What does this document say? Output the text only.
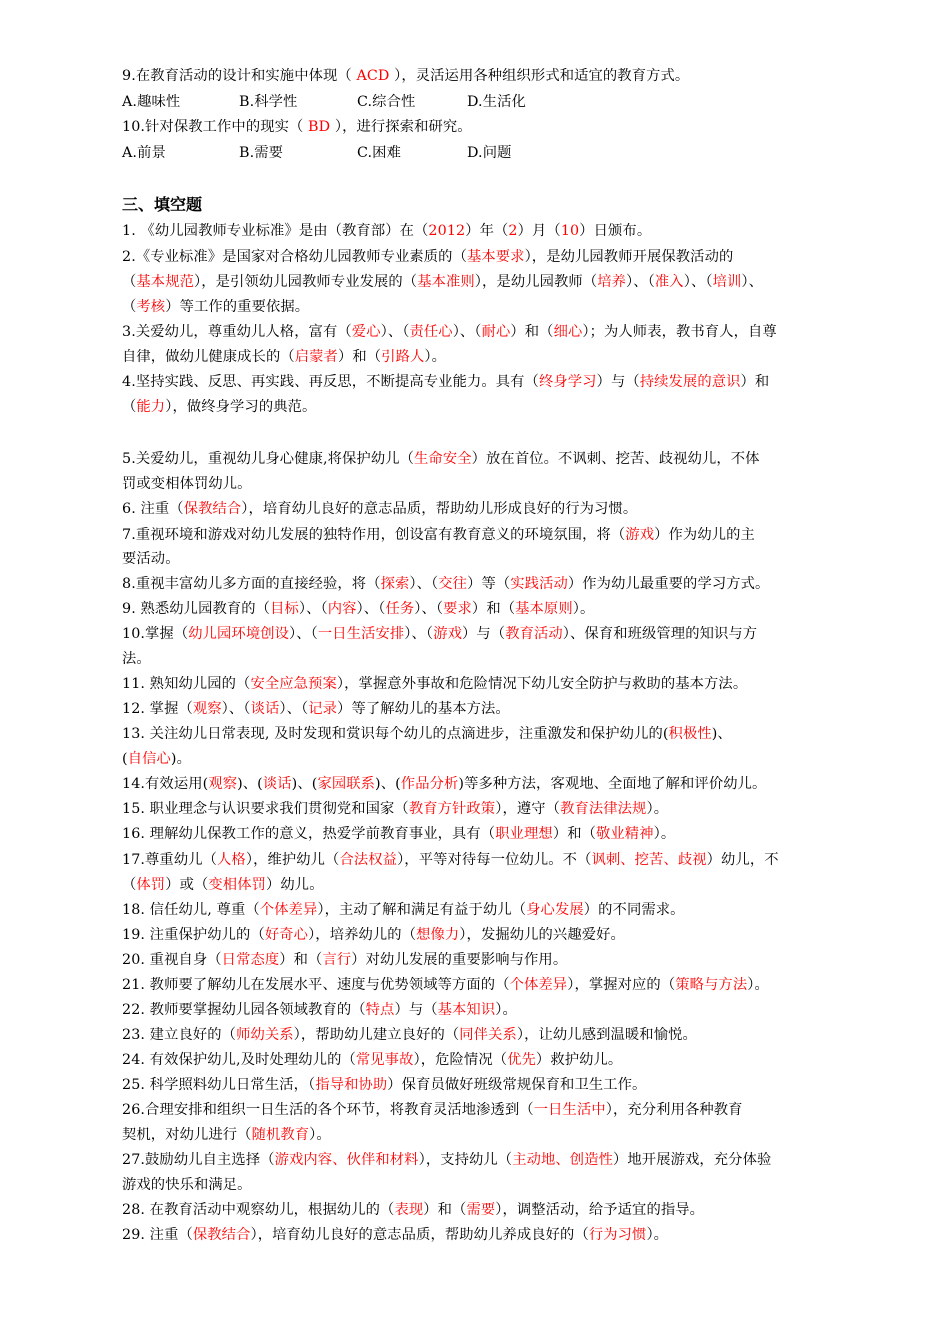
9.在教育活动的设计和实施中体现（ ACD ），灵活运用各种组织形式和适宜的教育方式。
A.趣味性	B.科学性	C.综合性	D.生活化
10.针对保教工作中的现实（ BD ），进行探索和研究。
A.前景	B.需要	C.困难	D.问题
三、填空题
1. 《幼儿园教师专业标准》是由（教育部）在（2012）年（2）月（10）日颁布。
2.《专业标准》是国家对合格幼儿园教师专业素质的（基本要求），是幼儿园教师开展保教活动的
（基本规范），是引领幼儿园教师专业发展的（基本准则），是幼儿园教师（培养）、（准入）、（培训）、
（考核）等工作的重要依据。
3.关爱幼儿，尊重幼儿人格，富有（爱心）、（责任心）、（耐心）和（细心）；为人师表，教书育人，自尊
自律，做幼儿健康成长的（启蒙者）和（引路人）。
4.坚持实践、反思、再实践、再反思，不断提高专业能力。具有（终身学习）与（持续发展的意识）和
（能力），做终身学习的典范。
5.关爱幼儿，重视幼儿身心健康,将保护幼儿（生命安全）放在首位。不讽刺、挖苦、歧视幼儿，不体
罚或变相体罚幼儿。
6. 注重（保教结合），培育幼儿良好的意志品质，帮助幼儿形成良好的行为习惯。
7.重视环境和游戏对幼儿发展的独特作用，创设富有教育意义的环境氛围，将（游戏）作为幼儿的主
要活动。
8.重视丰富幼儿多方面的直接经验，将（探索）、（交往）等（实践活动）作为幼儿最重要的学习方式。
9. 熟悉幼儿园教育的（目标）、（内容）、（任务）、（要求）和（基本原则）。
10.掌握（幼儿园环境创设）、（一日生活安排）、（游戏）与（教育活动）、保育和班级管理的知识与方
法。
11. 熟知幼儿园的（安全应急预案），掌握意外事故和危险情况下幼儿安全防护与救助的基本方法。
12. 掌握（观察）、（谈话）、（记录）等了解幼儿的基本方法。
13. 关注幼儿日常表现, 及时发现和赏识每个幼儿的点滴进步，注重激发和保护幼儿的(积极性)、
(自信心)。
14.有效运用(观察)、(谈话)、(家园联系)、(作品分析)等多种方法，客观地、全面地了解和评价幼儿。
15. 职业理念与认识要求我们贯彻党和国家（教育方针政策），遵守（教育法律法规）。
16. 理解幼儿保教工作的意义，热爱学前教育事业，具有（职业理想）和（敬业精神）。
17.尊重幼儿（人格），维护幼儿（合法权益），平等对待每一位幼儿。不（讽刺、挖苦、歧视）幼儿，不
（体罚）或（变相体罚）幼儿。
18. 信任幼儿, 尊重（个体差异），主动了解和满足有益于幼儿（身心发展）的不同需求。
19. 注重保护幼儿的（好奇心），培养幼儿的（想像力），发掘幼儿的兴趣爱好。
20. 重视自身（日常态度）和（言行）对幼儿发展的重要影响与作用。
21. 教师要了解幼儿在发展水平、速度与优势领域等方面的（个体差异），掌握对应的（策略与方法）。
22. 教师要掌握幼儿园各领域教育的（特点）与（基本知识）。
23. 建立良好的（师幼关系），帮助幼儿建立良好的（同伴关系），让幼儿感到温暖和愉悦。
24. 有效保护幼儿,及时处理幼儿的（常见事故），危险情况（优先）救护幼儿。
25. 科学照料幼儿日常生活，（指导和协助）保育员做好班级常规保育和卫生工作。
26.合理安排和组织一日生活的各个环节，将教育灵活地渗透到（一日生活中），充分利用各种教育
契机，对幼儿进行（随机教育）。
27.鼓励幼儿自主选择（游戏内容、伙伴和材料），支持幼儿（主动地、创造性）地开展游戏，充分体验
游戏的快乐和满足。
28. 在教育活动中观察幼儿，根据幼儿的（表现）和（需要），调整活动，给予适宜的指导。
29. 注重（保教结合），培育幼儿良好的意志品质，帮助幼儿养成良好的（行为习惯）。
